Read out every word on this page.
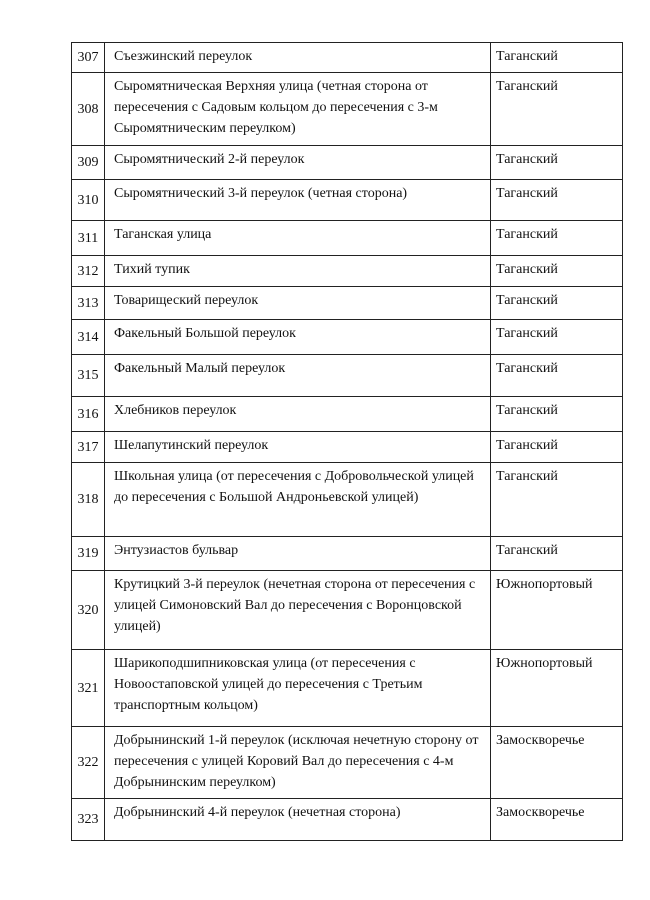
307	Съезжинский переулок	Таганский

308	Сыромятническая Верхняя улица (четная сторона от пересечения с Садовым кольцом до пересечения с 3-м Сыромятническим переулком)	Таганский

309	Сыромятнический 2-й переулок	Таганский

310	Сыромятнический 3-й переулок (четная сторона)	Таганский

311	Таганская улица	Таганский

312	Тихий тупик	Таганский

313	Товарищеский переулок	Таганский

314	Факельный Большой переулок	Таганский

315	Факельный Малый переулок	Таганский

316	Хлебников переулок	Таганский

317	Шелапутинский переулок	Таганский

318	Школьная улица (от пересечения с Добровольческой улицей до пересечения с Большой Андроньевской улицей)	Таганский

319	Энтузиастов бульвар	Таганский

320	Крутицкий 3-й переулок (нечетная сторона от пересечения с улицей Симоновский Вал до пересечения с Воронцовской улицей)	Южнопортовый

321	Шарикоподшипниковская улица (от пересечения с Новоостаповской улицей до пересечения с Третьим транспортным кольцом)	Южнопортовый

322	Добрынинский 1-й переулок (исключая нечетную сторону от пересечения с улицей Коровий Вал до пересечения с 4-м Добрынинским переулком)	Замоскворечье

323	Добрынинский 4-й переулок (нечетная сторона)	Замоскворечье
